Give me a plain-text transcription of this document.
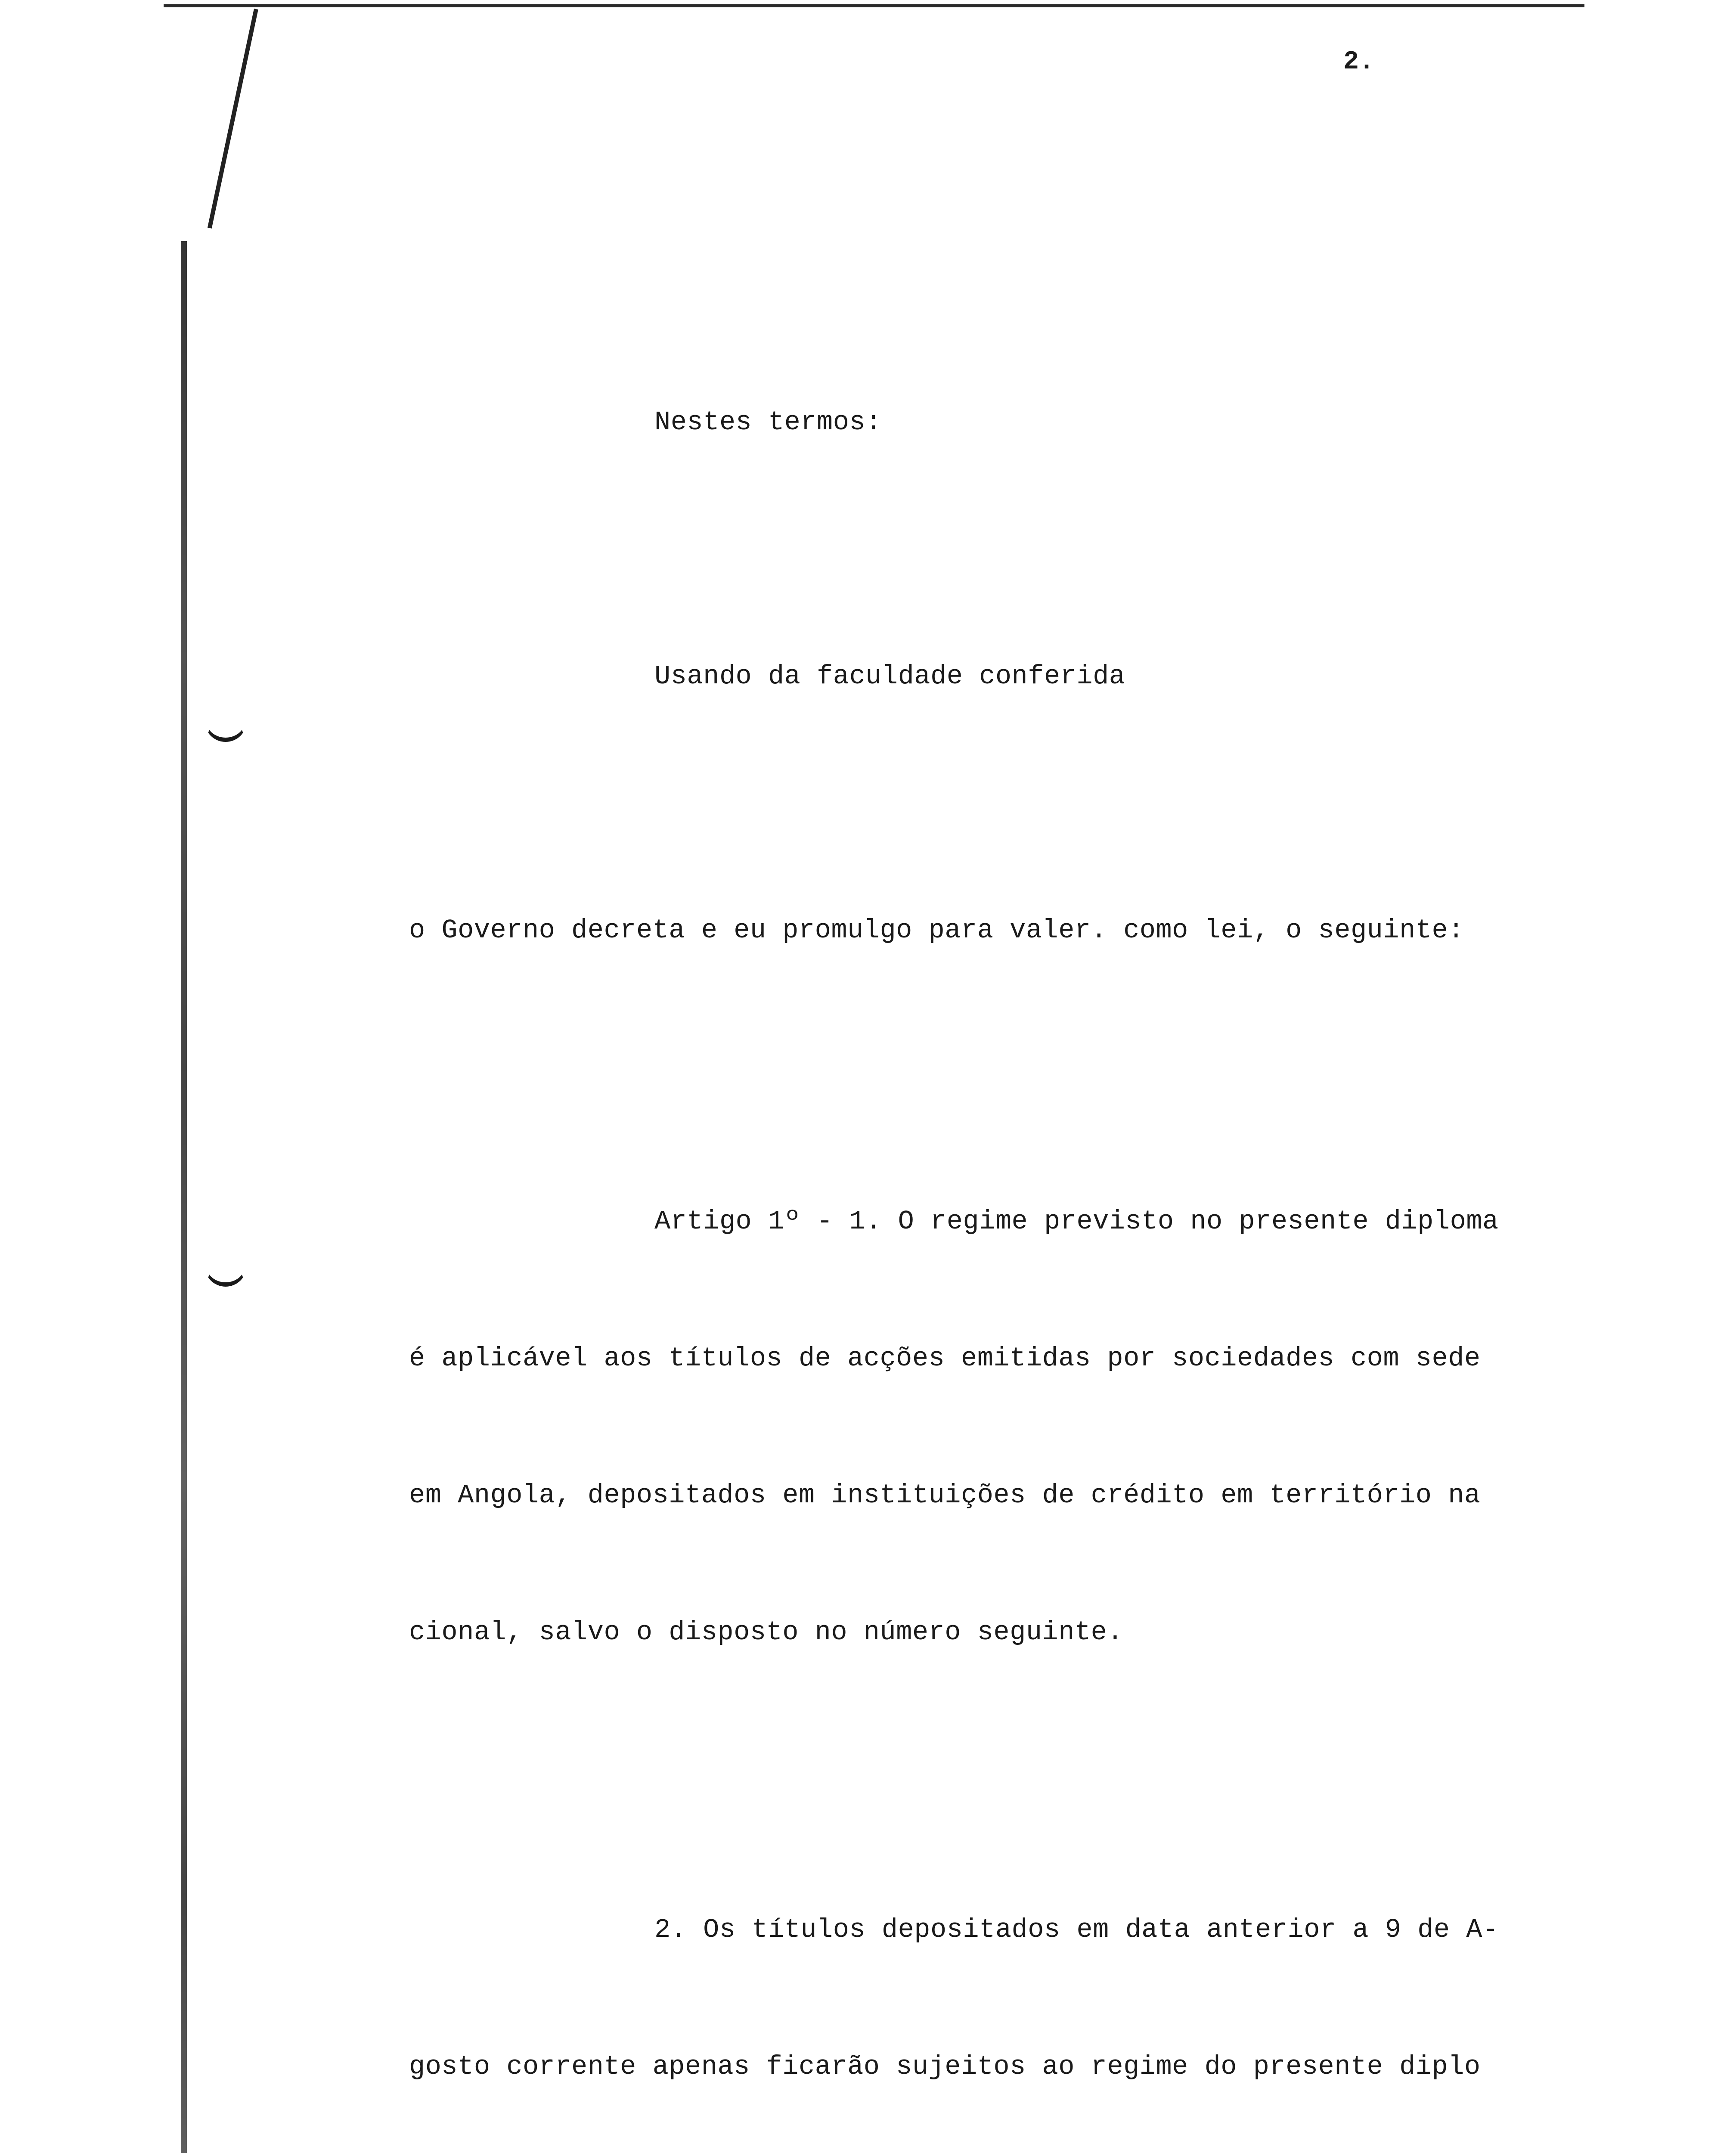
2.

Nestes termos:

Usando da faculdade conferida

o Governo decreta e eu promulgo para valer. como lei, o seguinte:

Artigo 1º - 1. O regime previsto no presente diploma

é aplicável aos títulos de acções emitidas por sociedades com sede

em Angola, depositados em instituições de crédito em território na

cional, salvo o disposto no número seguinte.

2. Os títulos depositados em data anterior a 9 de A-

gosto corrente apenas ficarão sujeitos ao regime do presente diplo
